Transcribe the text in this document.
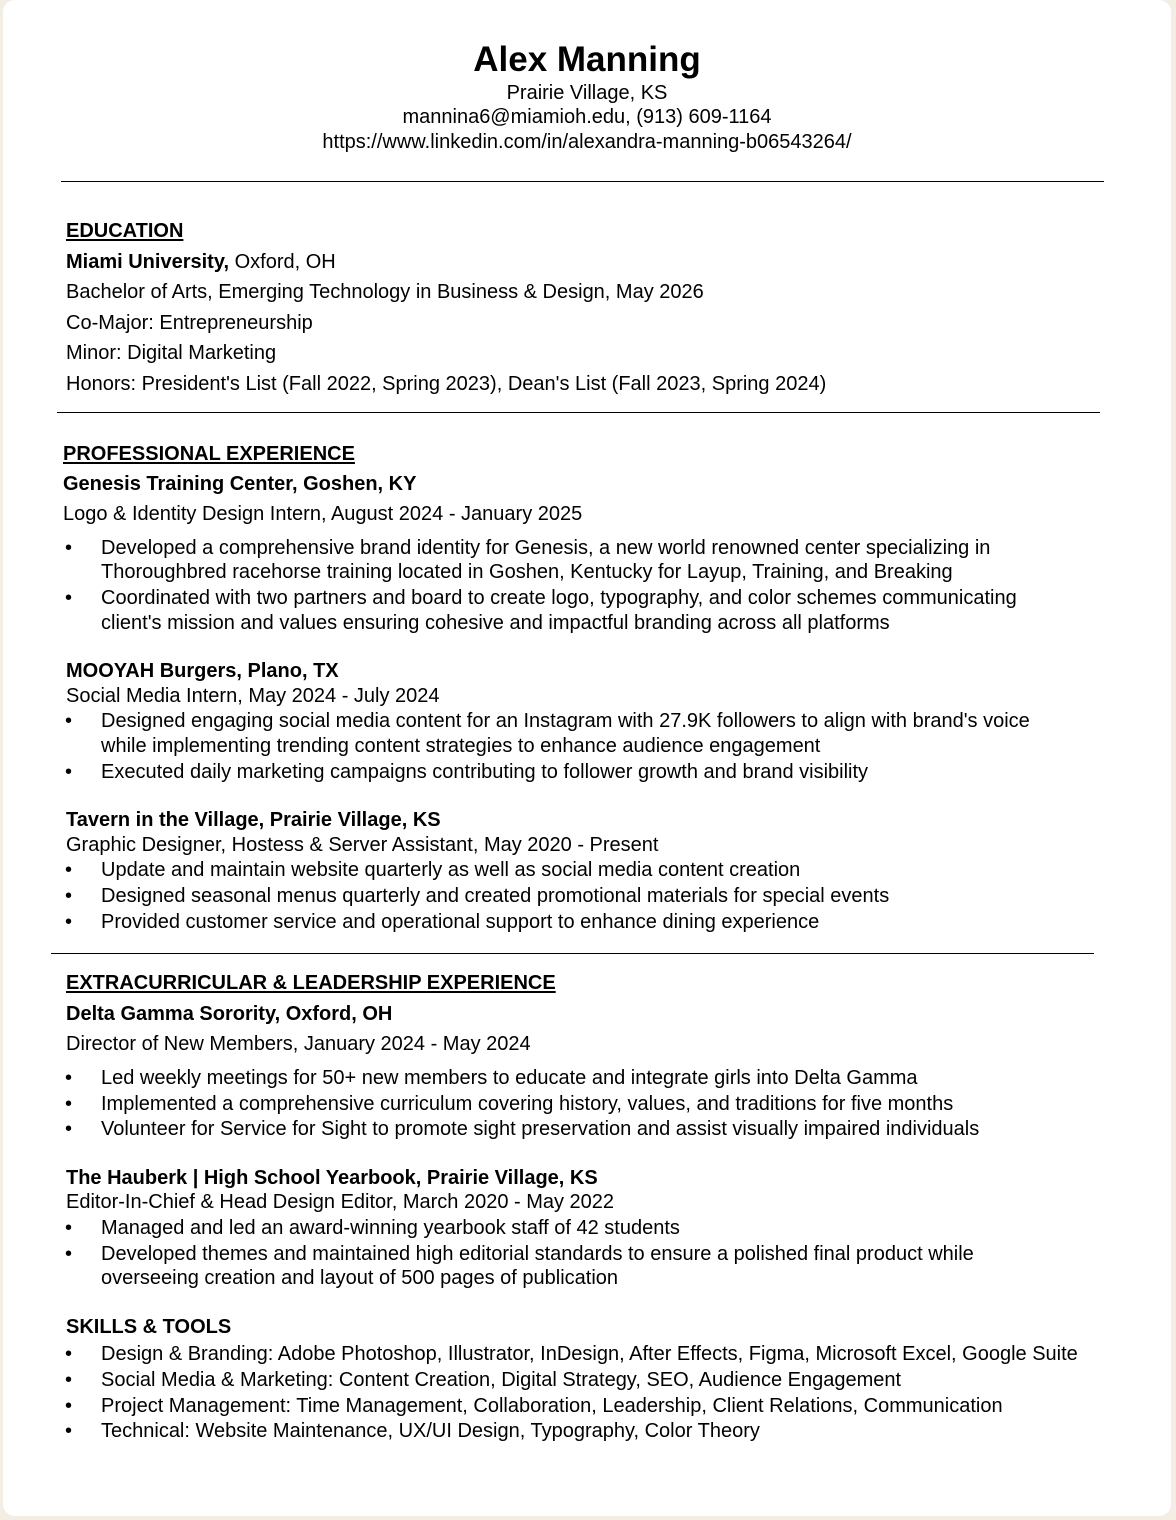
Alex Manning
Prairie Village, KS
mannina6@miamioh.edu, (913) 609-1164
https://www.linkedin.com/in/alexandra-manning-b06543264/
EDUCATION
Miami University, Oxford, OH
Bachelor of Arts, Emerging Technology in Business & Design, May 2026
Co-Major: Entrepreneurship
Minor: Digital Marketing
Honors: President's List (Fall 2022, Spring 2023), Dean's List (Fall 2023, Spring 2024)
PROFESSIONAL EXPERIENCE
Genesis Training Center, Goshen, KY
Logo & Identity Design Intern, August 2024 - January 2025
• Developed a comprehensive brand identity for Genesis, a new world renowned center specializing in
Thoroughbred racehorse training located in Goshen, Kentucky for Layup, Training, and Breaking
• Coordinated with two partners and board to create logo, typography, and color schemes communicating
client's mission and values ensuring cohesive and impactful branding across all platforms
MOOYAH Burgers, Plano, TX
Social Media Intern, May 2024 - July 2024
• Designed engaging social media content for an Instagram with 27.9K followers to align with brand's voice
while implementing trending content strategies to enhance audience engagement
• Executed daily marketing campaigns contributing to follower growth and brand visibility
Tavern in the Village, Prairie Village, KS
Graphic Designer, Hostess & Server Assistant, May 2020 - Present
• Update and maintain website quarterly as well as social media content creation
• Designed seasonal menus quarterly and created promotional materials for special events
• Provided customer service and operational support to enhance dining experience
EXTRACURRICULAR & LEADERSHIP EXPERIENCE
Delta Gamma Sorority, Oxford, OH
Director of New Members, January 2024 - May 2024
• Led weekly meetings for 50+ new members to educate and integrate girls into Delta Gamma
• Implemented a comprehensive curriculum covering history, values, and traditions for five months
• Volunteer for Service for Sight to promote sight preservation and assist visually impaired individuals
The Hauberk | High School Yearbook, Prairie Village, KS
Editor-In-Chief & Head Design Editor, March 2020 - May 2022
• Managed and led an award-winning yearbook staff of 42 students
• Developed themes and maintained high editorial standards to ensure a polished final product while
overseeing creation and layout of 500 pages of publication
SKILLS & TOOLS
• Design & Branding: Adobe Photoshop, Illustrator, InDesign, After Effects, Figma, Microsoft Excel, Google Suite
• Social Media & Marketing: Content Creation, Digital Strategy, SEO, Audience Engagement
• Project Management: Time Management, Collaboration, Leadership, Client Relations, Communication
• Technical: Website Maintenance, UX/UI Design, Typography, Color Theory
